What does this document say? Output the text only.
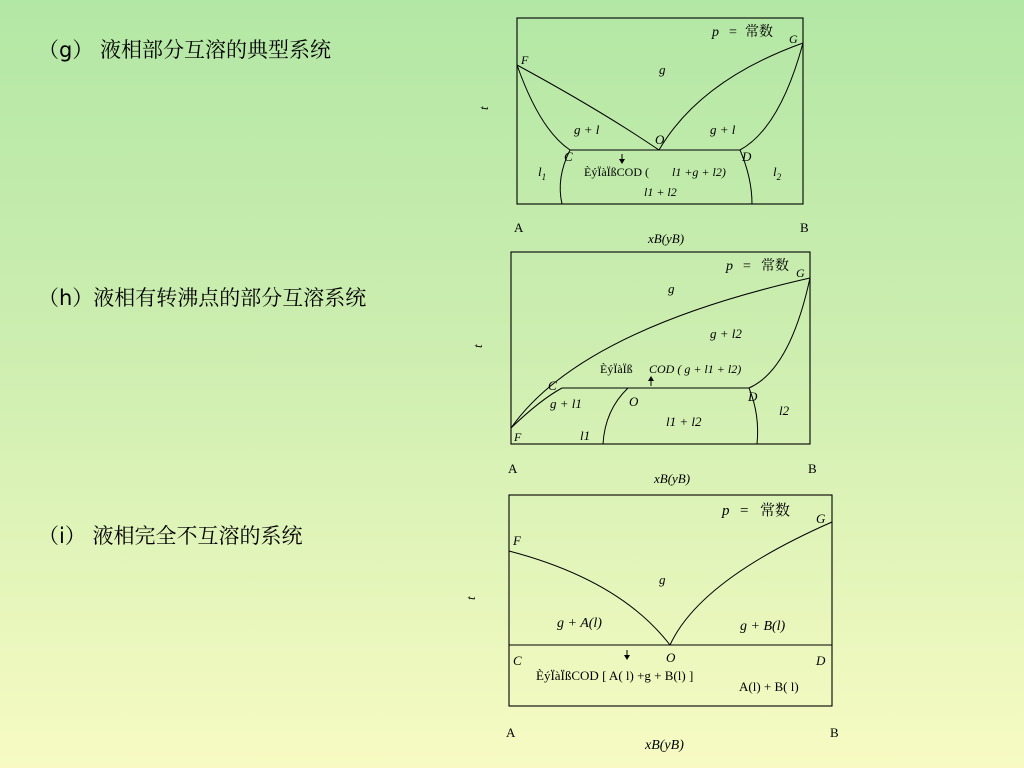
（g） 液相部分互溶的典型系统
（h）液相有转沸点的部分互溶系统
（i） 液相完全不互溶的系统
p = 常数 G
F
g
g + l	g + l
O
C	D
ÈýÏàÏßCOD ( l1 +g + l2)
$l_1$	$l_2$
l1 + l2
t
A	B
xB(yB)
p = 常数 G
g
g + l2
ÈýÏàÏß COD ( g + l1 + l2)
C
g + l1	O	D
l2
l1 + l2
F	l1
t
A	B
xB(yB)
p = 常数 G
F
g
g + A(l)	g + B(l)
O
C	D
ÈýÏàÏßCOD [ A( l) +g + B(l) ]
A(l) + B( l)
t
A	B
xB(yB)
